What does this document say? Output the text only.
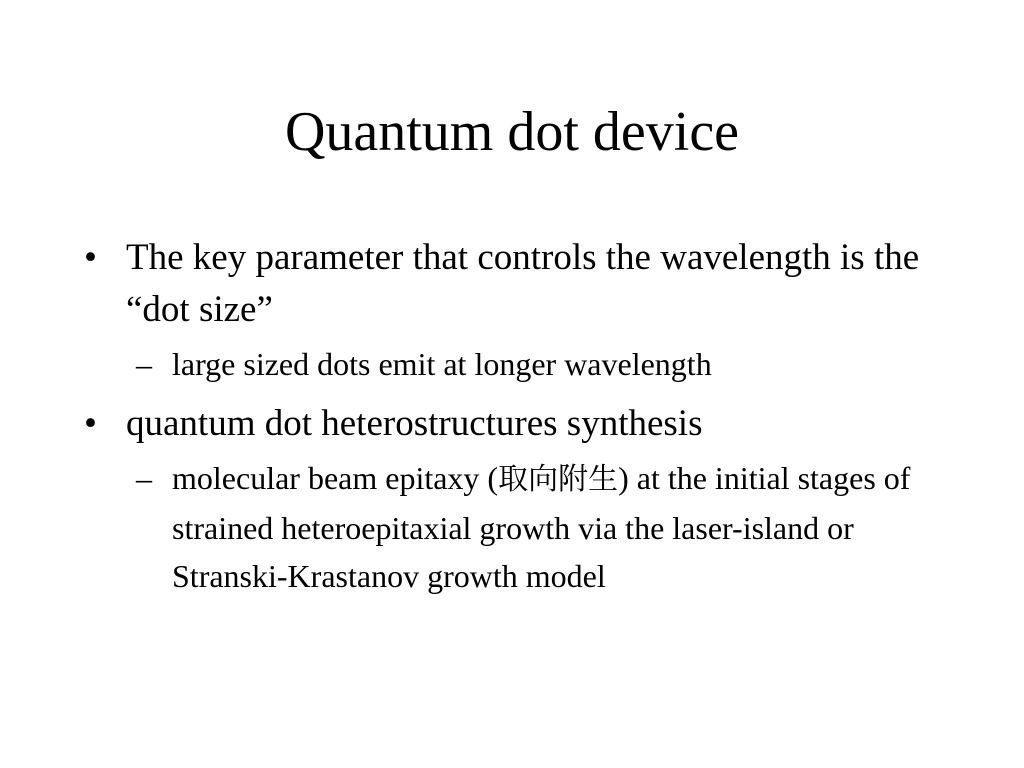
Quantum dot device
• The key parameter that controls the wavelength is the “dot size”
– large sized dots emit at longer wavelength
• quantum dot heterostructures synthesis
– molecular beam epitaxy (取向附生) at the initial stages of strained heteroepitaxial growth via the laser-island or Stranski-Krastanov growth model
